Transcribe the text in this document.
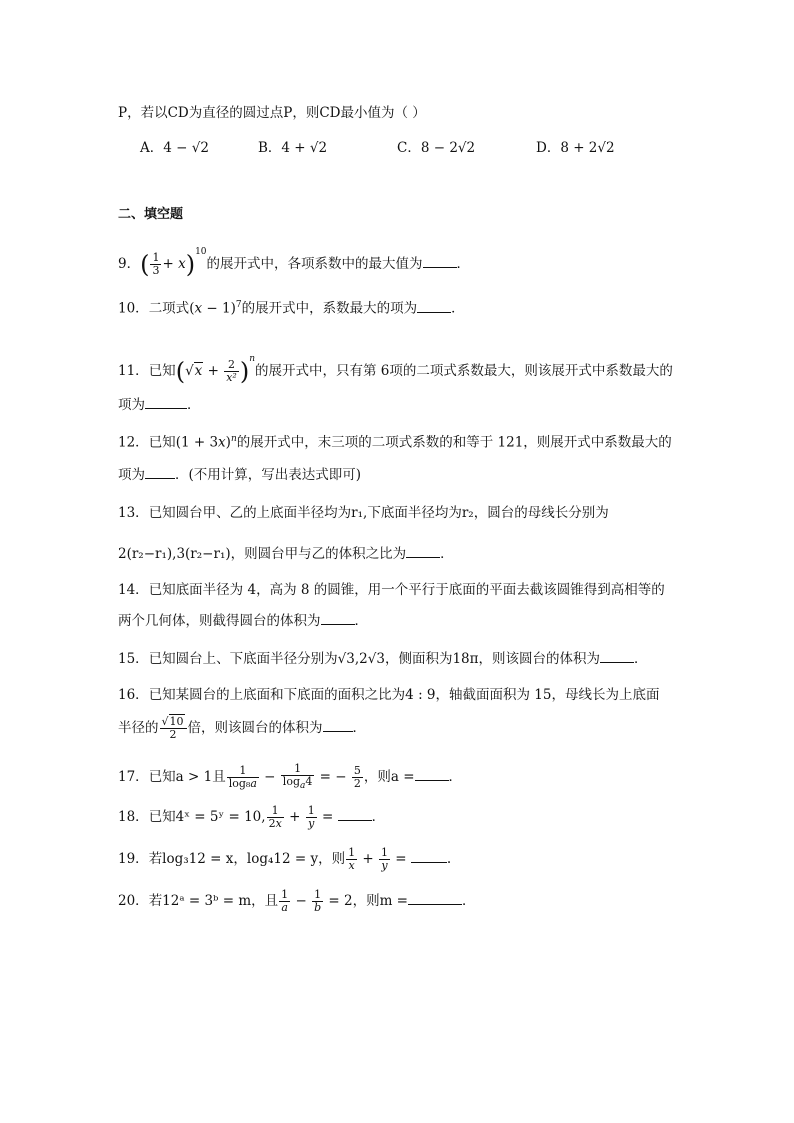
P，若以CD为直径的圆过点P，则CD最小值为（ ）
A．4 − √2	B．4 + √2	C．8 − 2√2	D．8 + 2√2
二、填空题
9．( $\frac{1}{3} + x)^{10}$的展开式中，各项系数中的最大值为	．
10．二项式$(x - 1)^7$的展开式中，系数最大的项为	．
11．已知$(√x + \frac{2}{\text{x²}} )^n$的展开式中，只有第 6项的二项式系数最大，则该展开式中系数最大的
项为	．
12．已知$(1 + 3x)^n$的展开式中，末三项的二项式系数的和等于 121，则展开式中系数最大的
项为 ．(不用计算，写出表达式即可)
13．已知圆台甲、乙的上底面半径均为r₁,下底面半径均为r₂，圆台的母线长分别为
2(r₂−r₁),3(r₂−r₁)，则圆台甲与乙的体积之比为	．
14．已知底面半径为 4，高为 8 的圆锥，用一个平行于底面的平面去截该圆锥得到高相等的
两个几何体，则截得圆台的体积为	．
15．已知圆台上、下底面半径分别为√3,2√3，侧面积为18π，则该圆台的体积为	．
16．已知某圆台的上底面和下底面的面积之比为4 : 9，轴截面面积为 15，母线长为上底面
半径的 $\frac{√10}{2}$ 倍，则该圆台的体积为 ．
17．已知a > 1且 $\frac{1}{\text{log₈a}} - \frac{1}{\log_a4}$ = − $\frac{5}{2}$ ，则a =	．
18．已知4ˣ = 5ʸ = 10, $\frac{1}{2x} + \frac{1}{y}$ =	．
19．若log₃12 = x，log₄12 = y，则 $\frac{1}{x} + \frac{1}{y}$ =	.
20．若12ᵃ = 3ᵇ = m，且 $\frac{1}{a} - \frac{1}{b} = 2$，则m =	．
